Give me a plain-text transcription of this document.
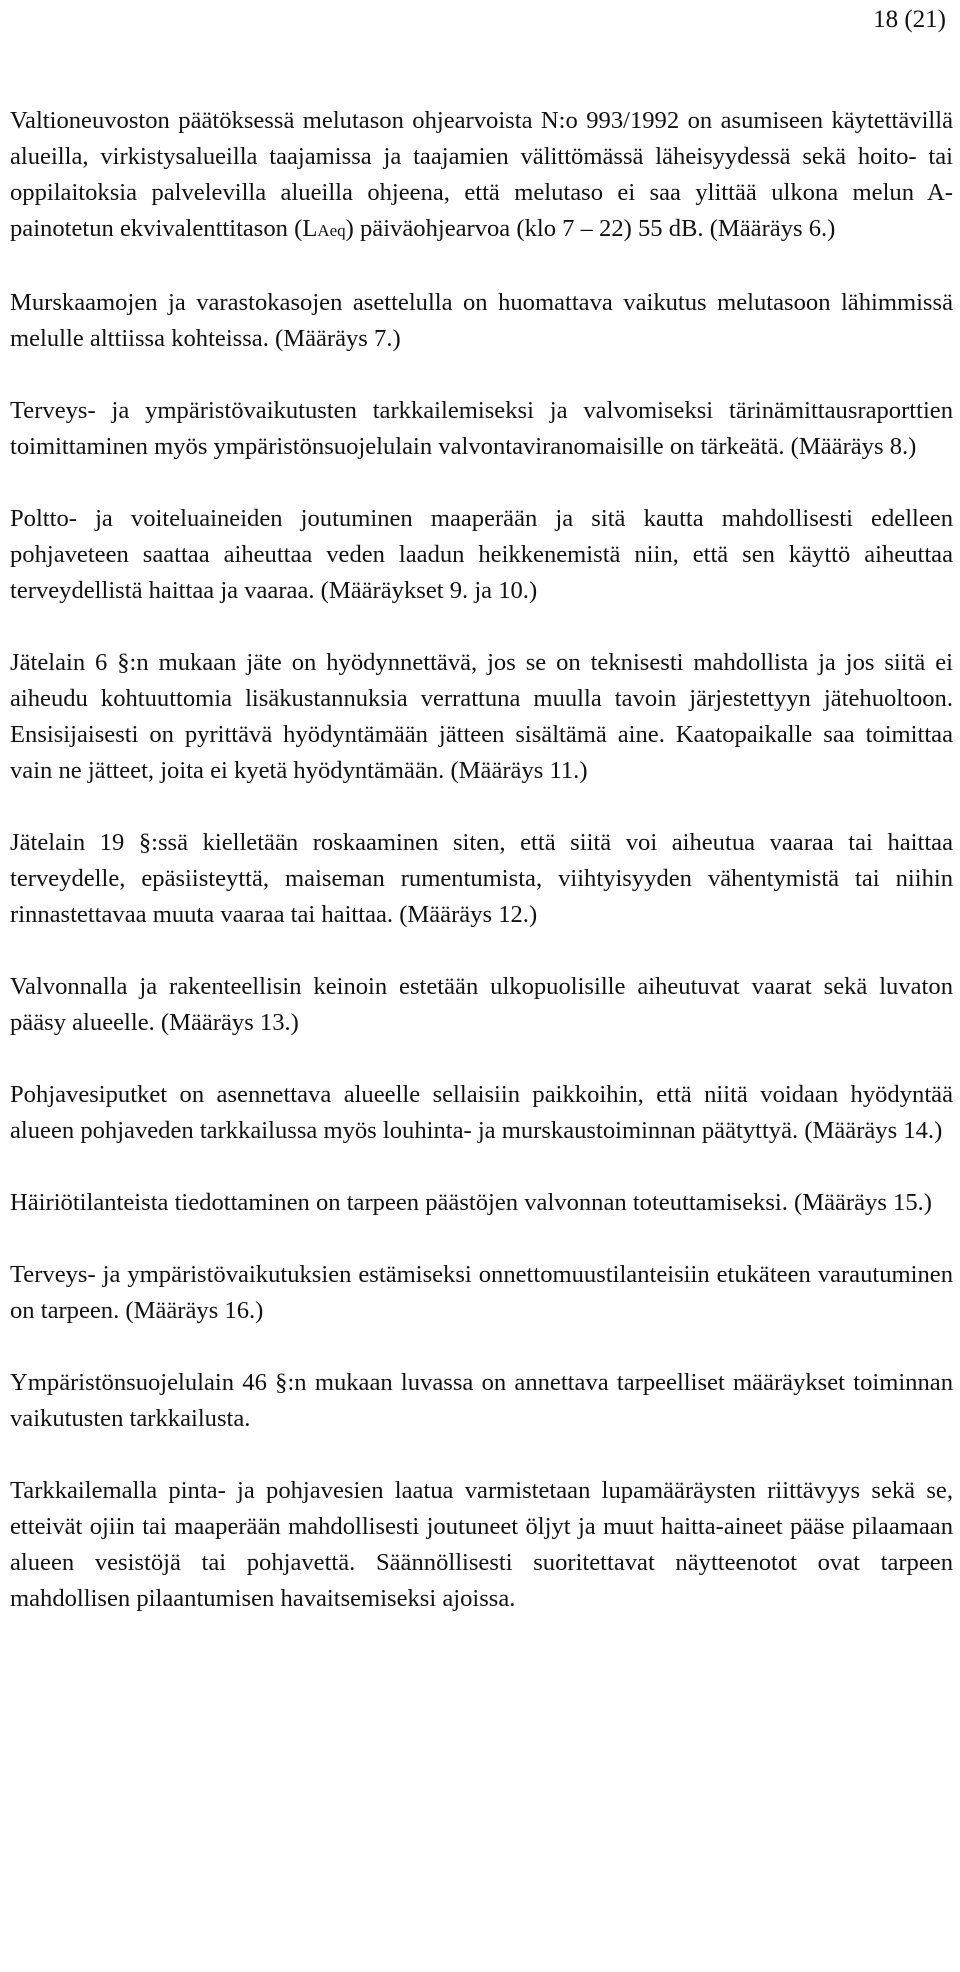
18 (21)

Valtioneuvoston päätöksessä melutason ohjearvoista N:o 993/1992 on asumiseen käytettävillä alueilla, virkistysalueilla taajamissa ja taajamien välittömässä läheisyydessä sekä hoito- tai oppilaitoksia palvelevilla alueilla ohjeena, että melutaso ei saa ylittää ulkona melun A-painotetun ekvivalenttitason (LAeq) päiväohjearvoa (klo 7 – 22) 55 dB. (Määräys 6.)

Murskaamojen ja varastokasojen asettelulla on huomattava vaikutus melutasoon lähimmissä melulle alttiissa kohteissa. (Määräys 7.)

Terveys- ja ympäristövaikutusten tarkkailemiseksi ja valvomiseksi tärinämittausraporttien toimittaminen myös ympäristönsuojelulain valvontaviranomaisille on tärkeätä. (Määräys 8.)

Poltto- ja voiteluaineiden joutuminen maaperään ja sitä kautta mahdollisesti edelleen pohjaveteen saattaa aiheuttaa veden laadun heikkenemistä niin, että sen käyttö aiheuttaa terveydellistä haittaa ja vaaraa. (Määräykset 9. ja 10.)

Jätelain 6 §:n mukaan jäte on hyödynnettävä, jos se on teknisesti mahdollista ja jos siitä ei aiheudu kohtuuttomia lisäkustannuksia verrattuna muulla tavoin järjestettyyn jätehuoltoon. Ensisijaisesti on pyrittävä hyödyntämään jätteen sisältämä aine. Kaatopaikalle saa toimittaa vain ne jätteet, joita ei kyetä hyödyntämään. (Määräys 11.)

Jätelain 19 §:ssä kielletään roskaaminen siten, että siitä voi aiheutua vaaraa tai haittaa terveydelle, epäsiisteyttä, maiseman rumentumista, viihtyisyyden vähentymistä tai niihin rinnastettavaa muuta vaaraa tai haittaa. (Määräys 12.)

Valvonnalla ja rakenteellisin keinoin estetään ulkopuolisille aiheutuvat vaarat sekä luvaton pääsy alueelle. (Määräys 13.)

Pohjavesiputket on asennettava alueelle sellaisiin paikkoihin, että niitä voidaan hyödyntää alueen pohjaveden tarkkailussa myös louhinta- ja murskaustoiminnan päätyttyä. (Määräys 14.)

Häiriötilanteista tiedottaminen on tarpeen päästöjen valvonnan toteuttamiseksi. (Määräys 15.)

Terveys- ja ympäristövaikutuksien estämiseksi onnettomuustilanteisiin etukäteen varautuminen on tarpeen. (Määräys 16.)

Ympäristönsuojelulain 46 §:n mukaan luvassa on annettava tarpeelliset määräykset toiminnan vaikutusten tarkkailusta.

Tarkkailemalla pinta- ja pohjavesien laatua varmistetaan lupamääräysten riittävyys sekä se, etteivät ojiin tai maaperään mahdollisesti joutuneet öljyt ja muut haitta-aineet pääse pilaamaan alueen vesistöjä tai pohjavettä. Säännöllisesti suoritettavat näytteenotot ovat tarpeen mahdollisen pilaantumisen havaitsemiseksi ajoissa.
